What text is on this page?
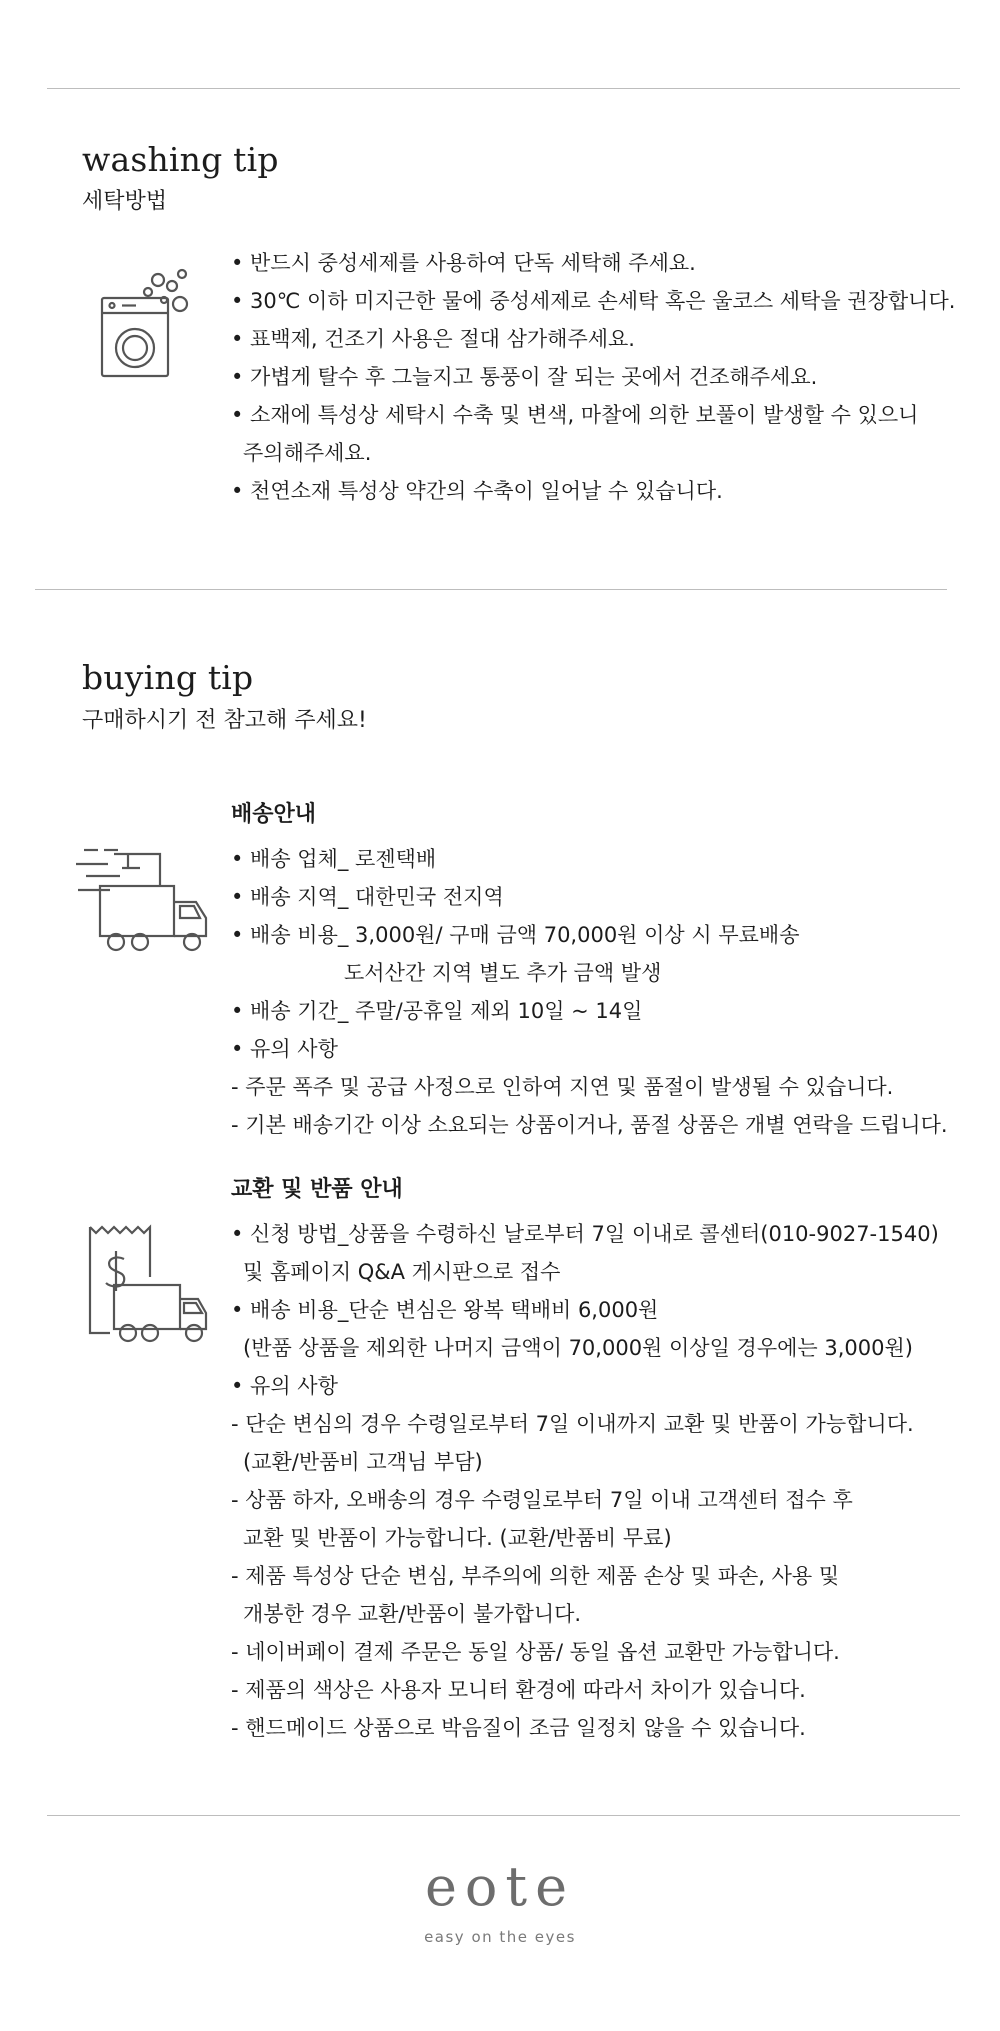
washing tip
세탁방법
• 반드시 중성세제를 사용하여 단독 세탁해 주세요.
• 30℃ 이하 미지근한 물에 중성세제로 손세탁 혹은 울코스 세탁을 권장합니다.
• 표백제, 건조기 사용은 절대 삼가해주세요.
• 가볍게 탈수 후 그늘지고 통풍이 잘 되는 곳에서 건조해주세요.
• 소재에 특성상 세탁시 수축 및 변색, 마찰에 의한 보풀이 발생할 수 있으니
주의해주세요.
• 천연소재 특성상 약간의 수축이 일어날 수 있습니다.
buying tip
구매하시기 전 참고해 주세요!
배송안내
• 배송 업체_ 로젠택배
• 배송 지역_ 대한민국 전지역
• 배송 비용_ 3,000원/ 구매 금액 70,000원 이상 시 무료배송
도서산간 지역 별도 추가 금액 발생
• 배송 기간_ 주말/공휴일 제외 10일 ~ 14일
• 유의 사항
- 주문 폭주 및 공급 사정으로 인하여 지연 및 품절이 발생될 수 있습니다.
- 기본 배송기간 이상 소요되는 상품이거나, 품절 상품은 개별 연락을 드립니다.
교환 및 반품 안내
• 신청 방법_상품을 수령하신 날로부터 7일 이내로 콜센터(010-9027-1540)
및 홈페이지 Q&A 게시판으로 접수
• 배송 비용_단순 변심은 왕복 택배비 6,000원
(반품 상품을 제외한 나머지 금액이 70,000원 이상일 경우에는 3,000원)
• 유의 사항
- 단순 변심의 경우 수령일로부터 7일 이내까지 교환 및 반품이 가능합니다.
(교환/반품비 고객님 부담)
- 상품 하자, 오배송의 경우 수령일로부터 7일 이내 고객센터 접수 후
교환 및 반품이 가능합니다. (교환/반품비 무료)
- 제품 특성상 단순 변심, 부주의에 의한 제품 손상 및 파손, 사용 및
개봉한 경우 교환/반품이 불가합니다.
- 네이버페이 결제 주문은 동일 상품/ 동일 옵션 교환만 가능합니다.
- 제품의 색상은 사용자 모니터 환경에 따라서 차이가 있습니다.
- 핸드메이드 상품으로 박음질이 조금 일정치 않을 수 있습니다.
eote
easy on the eyes
